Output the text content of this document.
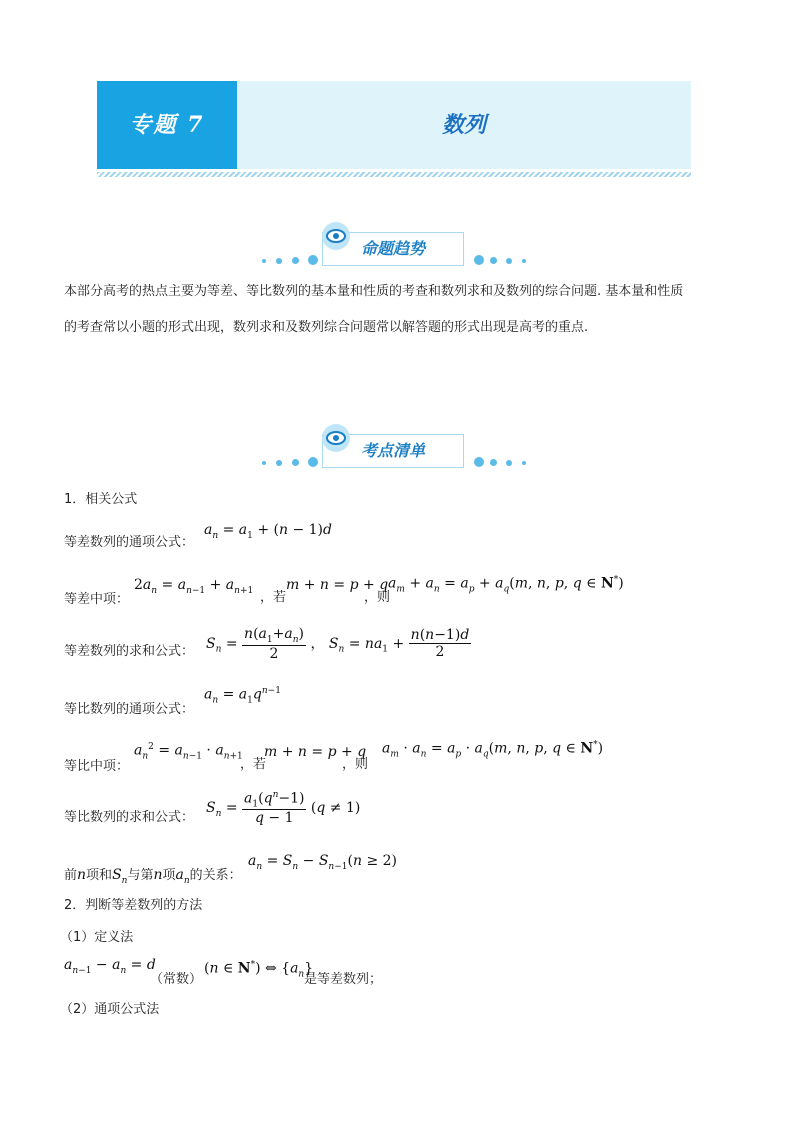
专题 7	数列
命题趋势
本部分高考的热点主要为等差、等比数列的基本量和性质的考查和数列求和及数列的综合问题. 基本量和性质
的考查常以小题的形式出现，数列求和及数列综合问题常以解答题的形式出现是高考的重点.
考点清单
1．相关公式
等差数列的通项公式：
$a_n = a_1 + (n - 1)d$
等差中项：
$2a_n = a_{n-1} + a_{n+1}$ ，若
m + n = p + q
，则
$a_m + a_n = a_p + a_q(m$, n, p, q ∈ N*)
等差数列的求和公式： $S_n = \frac{n(a_1+a_n)}{2}$ ， $S_n = na_1 + \frac{n(n-1)d}{2}$
等比数列的通项公式：
$a_n = a_1q^{n-1}$
等比中项：
$a_n^2 = a_{n-1} \cdot a_{n+1}$
，若
m + n = p + q
，则
$a_m \cdot a_n = a_p \cdot a_q(m$, n, p, q ∈ N*)
等比数列的求和公式：
$S_n = \frac{a_1(q^n-1)}{q - 1} (q \ne 1)$
前n项和$S_n$与第n项$a_n$的关系：
$a_n = S_n - S_{n-1}(n \ge 2)$
2．判断等差数列的方法
（1）定义法
$a_{n-1} - a_n = d$
（常数）
(n ∈ N*) ⇔ $\{a_n\}$
是等差数列；
（2）通项公式法
